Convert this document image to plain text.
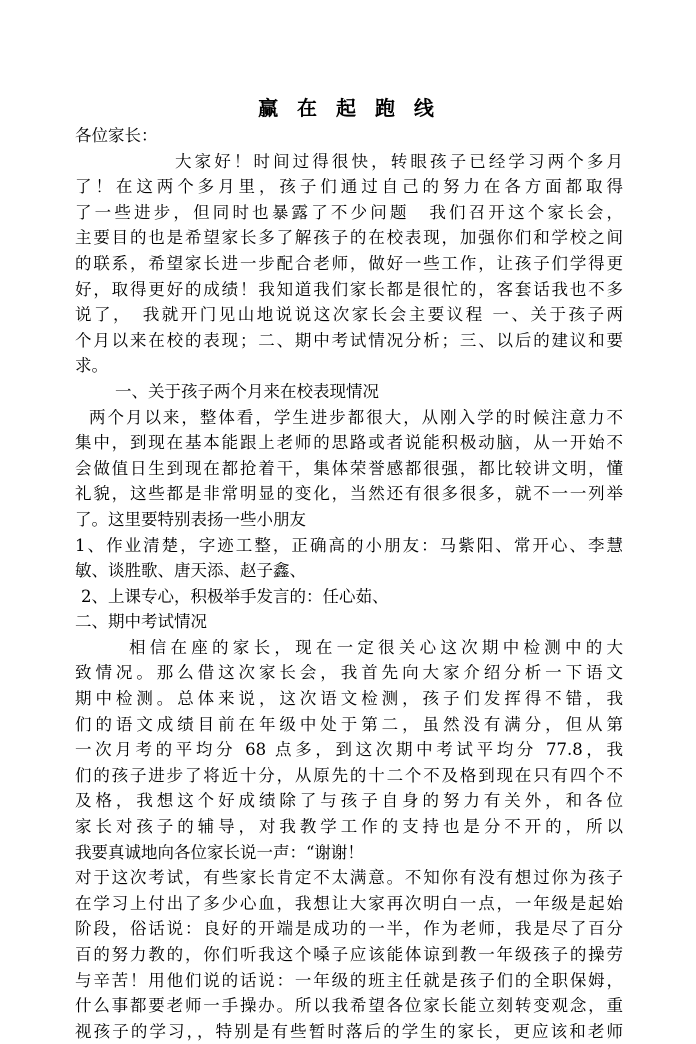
赢 在 起 跑 线
各位家长：
大家好！时间过得很快，转眼孩子已经学习两个多月
了！在这两个多月里，孩子们通过自己的努力在各方面都取得
了一些进步，但同时也暴露了不少问题　我们召开这个家长会，
主要目的也是希望家长多了解孩子的在校表现，加强你们和学校之间
的联系，希望家长进一步配合老师，做好一些工作，让孩子们学得更
好，取得更好的成绩！我知道我们家长都是很忙的，客套话我也不多
说了，　我就开门见山地说说这次家长会主要议程 一、关于孩子两
个月以来在校的表现；二、期中考试情况分析；三、以后的建议和要
求。
一、关于孩子两个月来在校表现情况
两个月以来，整体看，学生进步都很大，从刚入学的时候注意力不
集中，到现在基本能跟上老师的思路或者说能积极动脑，从一开始不
会做值日生到现在都抢着干，集体荣誉感都很强，都比较讲文明，懂
礼貌，这些都是非常明显的变化，当然还有很多很多，就不一一列举
了。这里要特别表扬一些小朋友
1、作业清楚，字迹工整，正确高的小朋友：马紫阳、常开心、李慧
敏、谈胜歌、唐天添、赵子鑫、
2、上课专心，积极举手发言的：任心茹、
二、期中考试情况
相信在座的家长，现在一定很关心这次期中检测中的大
致情况。那么借这次家长会，我首先向大家介绍分析一下语文
期中检测。总体来说，这次语文检测，孩子们发挥得不错，我
们的语文成绩目前在年级中处于第二，虽然没有满分，但从第
一次月考的平均分 68 点多，到这次期中考试平均分 77.8，我
们的孩子进步了将近十分，从原先的十二个不及格到现在只有四个不
及格，我想这个好成绩除了与孩子自身的努力有关外，和各位
家长对孩子的辅导，对我教学工作的支持也是分不开的，所以
我要真诚地向各位家长说一声：“谢谢！
对于这次考试，有些家长肯定不太满意。不知你有没有想过你为孩子
在学习上付出了多少心血，我想让大家再次明白一点，一年级是起始
阶段，俗话说：良好的开端是成功的一半，作为老师，我是尽了百分
百的努力教的，你们听我这个嗓子应该能体谅到教一年级孩子的操劳
与辛苦！用他们说的话说：一年级的班主任就是孩子们的全职保姆，
什么事都要老师一手操办。所以我希望各位家长能立刻转变观念，重
视孩子的学习，，特别是有些暂时落后的学生的家长，更应该和老师
